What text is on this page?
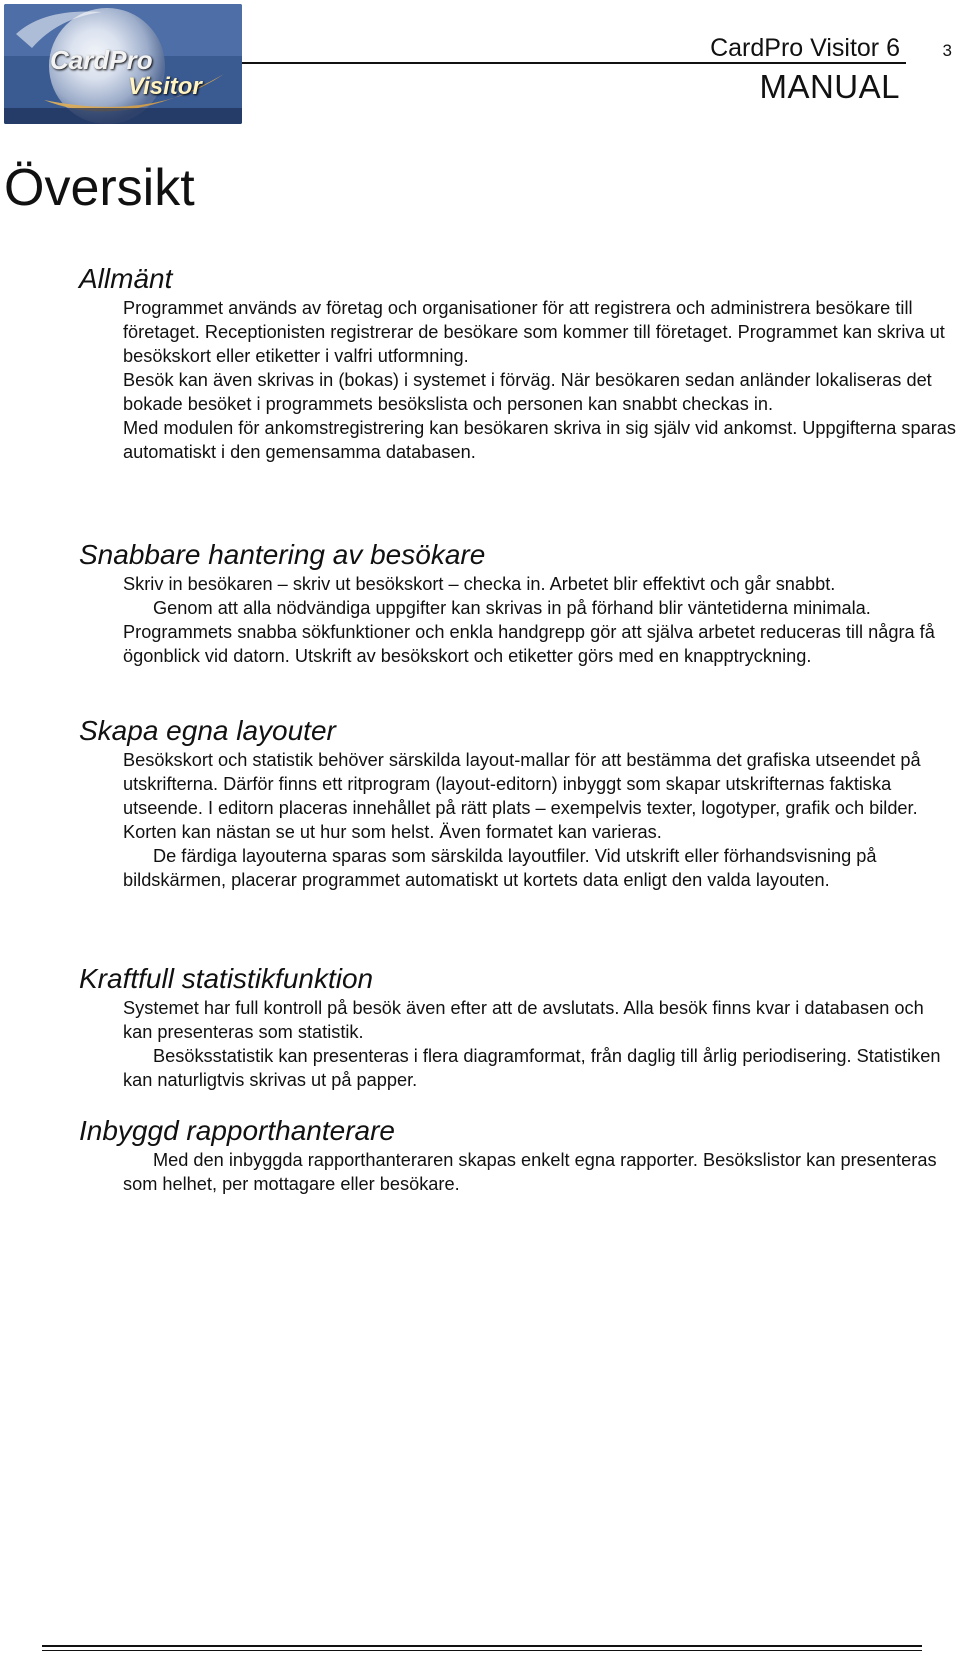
CardPro
Visitor
CardPro Visitor 6	3
MANUAL
Översikt
Allmänt

Programmet används av företag och organisationer för att registrera och administrera besökare till företaget. Receptionisten registrerar de besökare som kommer till företaget. Programmet kan skriva ut besökskort eller etiketter i valfri utformning.

Besök kan även skrivas in (bokas) i systemet i förväg. När besökaren sedan anländer lokaliseras det bokade besöket i programmets besökslista och personen kan snabbt checkas in.

Med modulen för ankomstregistrering kan besökaren skriva in sig själv vid ankomst. Uppgifterna sparas automatiskt i den gemensamma databasen.

Snabbare hantering av besökare

Skriv in besökaren – skriv ut besökskort – checka in. Arbetet blir effektivt och går snabbt.

Genom att alla nödvändiga uppgifter kan skrivas in på förhand blir väntetiderna minimala. Programmets snabba sökfunktioner och enkla handgrepp gör att själva arbetet reduceras till några få ögonblick vid datorn. Utskrift av besökskort och etiketter görs med en knapptryckning.

Skapa egna layouter

Besökskort och statistik behöver särskilda layout-mallar för att bestämma det grafiska utseendet på utskrifterna. Därför finns ett ritprogram (layout-editorn) inbyggt som skapar utskrifternas faktiska utseende. I editorn placeras innehållet på rätt plats – exempelvis texter, logotyper, grafik och bilder. Korten kan nästan se ut hur som helst. Även formatet kan varieras.

De färdiga layouterna sparas som särskilda layoutfiler. Vid utskrift eller förhandsvisning på bildskärmen, placerar programmet automatiskt ut kortets data enligt den valda layouten.

Kraftfull statistikfunktion

Systemet har full kontroll på besök även efter att de avslutats. Alla besök finns kvar i databasen och kan presenteras som statistik.

Besöksstatistik kan presenteras i flera diagramformat, från daglig till årlig periodisering. Statistiken kan naturligtvis skrivas ut på papper.

Inbyggd rapporthanterare

Med den inbyggda rapporthanteraren skapas enkelt egna rapporter. Besökslistor kan presenteras som helhet, per mottagare eller besökare.
